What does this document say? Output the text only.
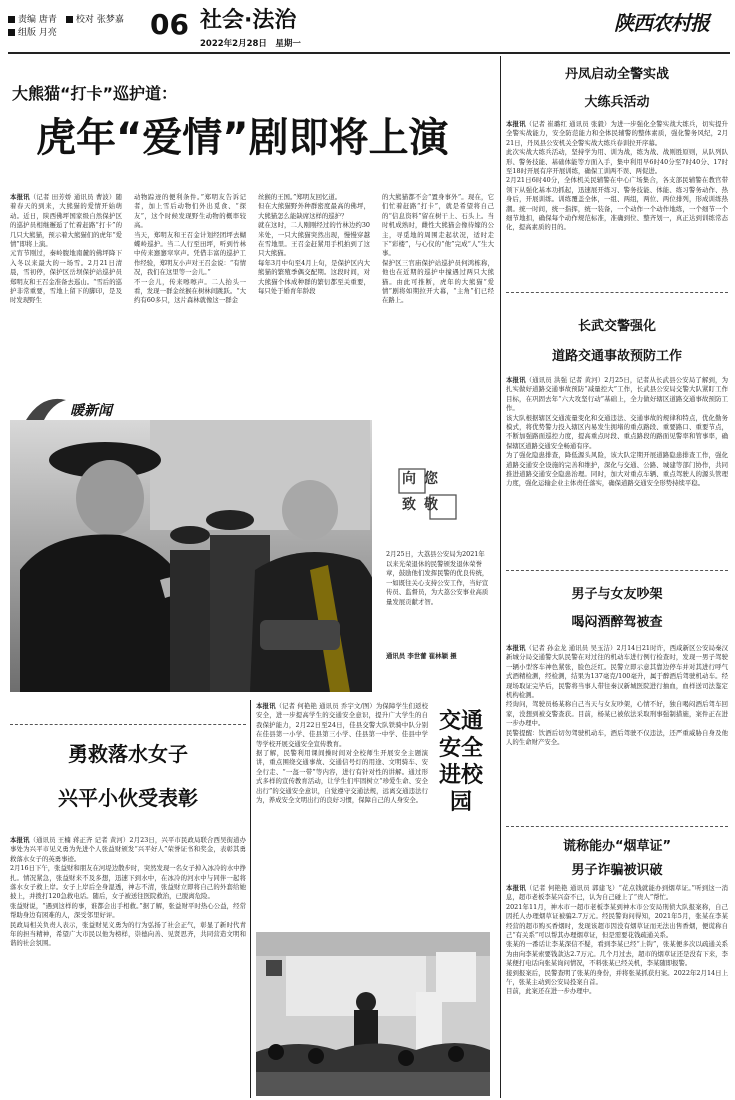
责编 唐青　 校对 张梦嘉
组版 月亮	06 社会·法治
2022年2月28日　星期一
陕西农村报
大熊猫“打卡”巡护道：
虎年“爱情”剧即将上演
本报讯（记者 田芳娇 通讯员 曹波）随着春天的到来，大熊猫的爱情开始萌动。近日，陕西佛坪国家级自然保护区的巡护员相继邂逅了忙着赶路“打卡”的几只大熊猫，预示着大熊猫们的虎年“爱情”即将上演。
元宵节刚过，秦岭腹地南麓的佛坪降下入冬以来最大的一场雪。2月21日清晨，雪初停，保护区岳坝保护站巡护员郑明友和王召金准备去巡山。“雪后的巡护非常重要，雪地上留下的脚印，是及时发现野生
动物踪迹的便利条件。”郑明友告诉记者，加上雪后动物们外出觅食、“探友”，这个时候发现野生动物的概率较高。
当天，郑明友和王召金计划经团坪去蝴蝶岭巡护。当二人行至田坪，听到竹林中传来窸窸窣窣声。凭借丰富的巡护工作经验，郑明友小声对王召金说：“有情况，我们在这里等一会儿。”
不一会儿，传来嚓嚓声。二人抬头一看，发现一群金丝猴在树林间跳跃。“大约有60多只，这片森林就像这一群金
丝猴的王国。”郑明友回忆道。
但在大熊猫野外种群密度最高的佛坪，大熊猫怎么能缺席这样的巡护？
就在这时，二人刚刚经过的竹林边约30米处，一只大熊猫突然出现，慢慢穿越在雪地里。王召金赶紧用手机拍到了这只大熊猫。
每年3月中旬至4月上旬，是保护区内大熊猫的繁殖季偶交配期。这段时间，对大熊猫个体成种群的繁衍都至关重要，每只处于婚育年龄段
的大熊猫都不会“置身事外”。现在，它们忙着赶路“打卡”，就是希望将自己的“信息资料”留在树干上、石头上。当时机成熟时，雌性大熊猫会像待嫁的公主，寻觅地的周围走起状况，适时走下“彩楼”，与心仪的“他”完成“人”生大事。
保护区三官庙保护站巡护员何鸿栋称，他也在近期的巡护中撞遇过两只大熊猫。由此可推断，虎年的大熊猫“爱情”剧将如期拉开大幕，“主角”们已经在路上。
暖新闻
向您致敬
2月25日，大荔县公安局为2021年以来光荣退休的民警颁发退休荣誉章，鼓励他们发挥民警的优良传统，一如既往关心支持公安工作，当好宣传员、监督员，为大荔公安事业高质量发展贡献才智。
通讯员 李世蕾 崔林颖 摄
勇救落水女子
兴平小伙受表彰
本报讯（通讯员 王楠 蒋正齐 记者 黄河）2月23日，兴平市民政局联合西吴街道办事处为兴平市见义勇为先进个人张益财颁发“兴平好人”荣誉证书和奖金，表彰其勇救落水女子的英勇事迹。
2月16日下午，张益财和朋友在河堤边散步时，突然发现一名女子掉入冰冷的水中挣扎。情况紧急，张益财来不及多想，迅速下到水中，在冰冷的河水中与同伴一起将落水女子救上岸。女子上岸后全身湿透，神志不清，张益财立即将自己的外套给她披上，并拨打120急救电话。随后，女子被送往医院救治，已脱离危险。
张益财说，“遇到这样的事，谁都会出手相救。”据了解，张益财平时热心公益，经常帮助身边有困难的人，深受邻里好评。
民政局相关负责人表示，张益财见义勇为的行为弘扬了社会正气，彰显了新时代青年的担当精神，希望广大市民以他为榜样，崇德向善、见贤思齐，共同营造文明和谐的社会氛围。
本报讯（记者 何艳艳 通讯员 乔宇文/图）为保障学生们返校安全，进一步提高学生的交通安全意识，提升广大学生的自我保护能力，2月22日至24日，佳县交警大队铁骑中队分别在佳县第一小学、佳县第三小学、佳县第一中学、佳县中学等学校开展交通安全宣传教育。
据了解，民警利用课间操时间对全校师生开展安全主题演讲，重点围绕交通事故、交通信号灯的用途、文明骑车、安全行走、“一盔一带”等内容，进行有针对性的讲解。通过形式多样的宣传教育活动，让学生们牢固树立“珍爱生命、安全出行”的交通安全意识，自觉遵守交通法规，远离交通违法行为，养成安全文明出行的良好习惯，保障自己的人身安全。
交通安全进校园
丹凤启动全警实战
大练兵活动
本报讯（记者 崔璐红 通讯员 张毅）为进一步强化全警实战大练兵，切实提升全警实战能力，安全防范能力和全体民辅警的整体素质，强化警务风纪，2月21日，丹凤县公安机关全警实战大练兵春训拉开序幕。
此次实战大练兵活动，坚持学为用、训为战，练为战、战则胜原则，从队列队形、警务技能、基础体能等方面入手，集中利用早6时40分至7时40分、17时至18时开展有序开展训练，确保工训两不误、两促进。
2月21日6时40分，全体机关民辅警在中心广场集合，各支部民辅警在教官带领下从强化基本功抓起，迅速展开练习、警务技能、体能、练习警务动作、热身后，开展训练。训练覆盖全体，一组、两组，两位、两位排列，形成训练热潮。统一时间，统一指挥，统一装备，一个动作一个动作地练，一个细节一个细节地扣，确保每个动作规范标准，准确到位、整齐划一，真正达到训练常态化，提高素质的目的。
长武交警强化
道路交通事故预防工作
本报讯（通讯员 洪强 记者 黄河）2月25日，记者从长武县公安局了解到，为扎实做好道路交通事故预防“减量控大”工作，长武县公安局交警大队紧盯工作目标，在巩固去年“六大攻坚行动”基础上，全力做好辖区道路交通事故预防工作。
该大队根据辖区交通流量变化和交通违法、交通事故的规律和特点，优化勤务模式，将优势警力投入辖区内易发生拥堵的重点路段、重要路口、重要节点，不断加强路面巡控力度，提高重点时段、重点路段的路面见警率和管事率，确保辖区道路交通安全畅通有序。
为了强化隐患排查，降低源头风险，该大队定期开展道路隐患排查工作，强化道路交通安全设施的完善和维护，深化与交通、公路、城建等部门协作，共同推进道路交通安全隐患治理。同时，加大对重点车辆、重点驾驶人的源头管理力度，强化运输企业主体责任落实，确保道路交通安全形势持续平稳。
男子与女友吵架
喝闷酒醉驾被查
本报讯（记者 孙金龙 通讯员 吴玉洁）2月14日21时许，西咸新区公安局秦汉新城分局交通警大队民警在对过往的机动车进行例行检查时，发现一男子驾驶一辆小型客车神色紧张，脸色泛红。民警立即示意其靠边停车并对其进行呼气式酒精检测，经检测，结果为137毫克/100毫升，属于醉酒后驾驶机动车。经现场取证完毕后，民警将当事人带往秦汉新城医院进行抽血，血样送司法鉴定机构检测。
经询问，驾驶员杨某称自己当天与女友吵架，心情不好，独自喝闷酒后驾车回家，没想到被交警查获。目前，杨某已被依法采取刑事强制措施，案件正在进一步办理中。
民警提醒：饮酒后切勿驾驶机动车，酒后驾驶不仅违法，还严重威胁自身及他人的生命财产安全。
谎称能办“烟草证”
男子诈骗被识破
本报讯（记者 何艳艳 通讯员 郭建飞）“花点钱就能办到烟草证。”听到这一消息，超市老板李某兴奋不已，认为自己碰上了“贵人”帮忙。
2021年11月，神木市一超市老板李某到神木市公安局刑侦大队报案称，自己因托人办理烟草证被骗2.7万元。经民警询问得知，2021年5月，张某在李某经营的超市购买香烟时，发现该超市因没有烟草证而无法出售香烟，便谎称自己“有关系”可以帮其办理烟草证，但是需要花钱疏通关系。
张某的一番话让李某深信不疑，看到李某已经“上钩”，张某便多次以疏通关系为由向李某索要钱款达2.7万元。几个月过去，超市的烟草证还是没有下来，李某便打电话向张某询问情况，不料张某已经关机，李某随即报警。
接到报案后，民警查明了张某的身份，并将张某抓获归案。2022年2月14日上午，张某主动到公安局投案自首。
目前，此案还在进一步办理中。
